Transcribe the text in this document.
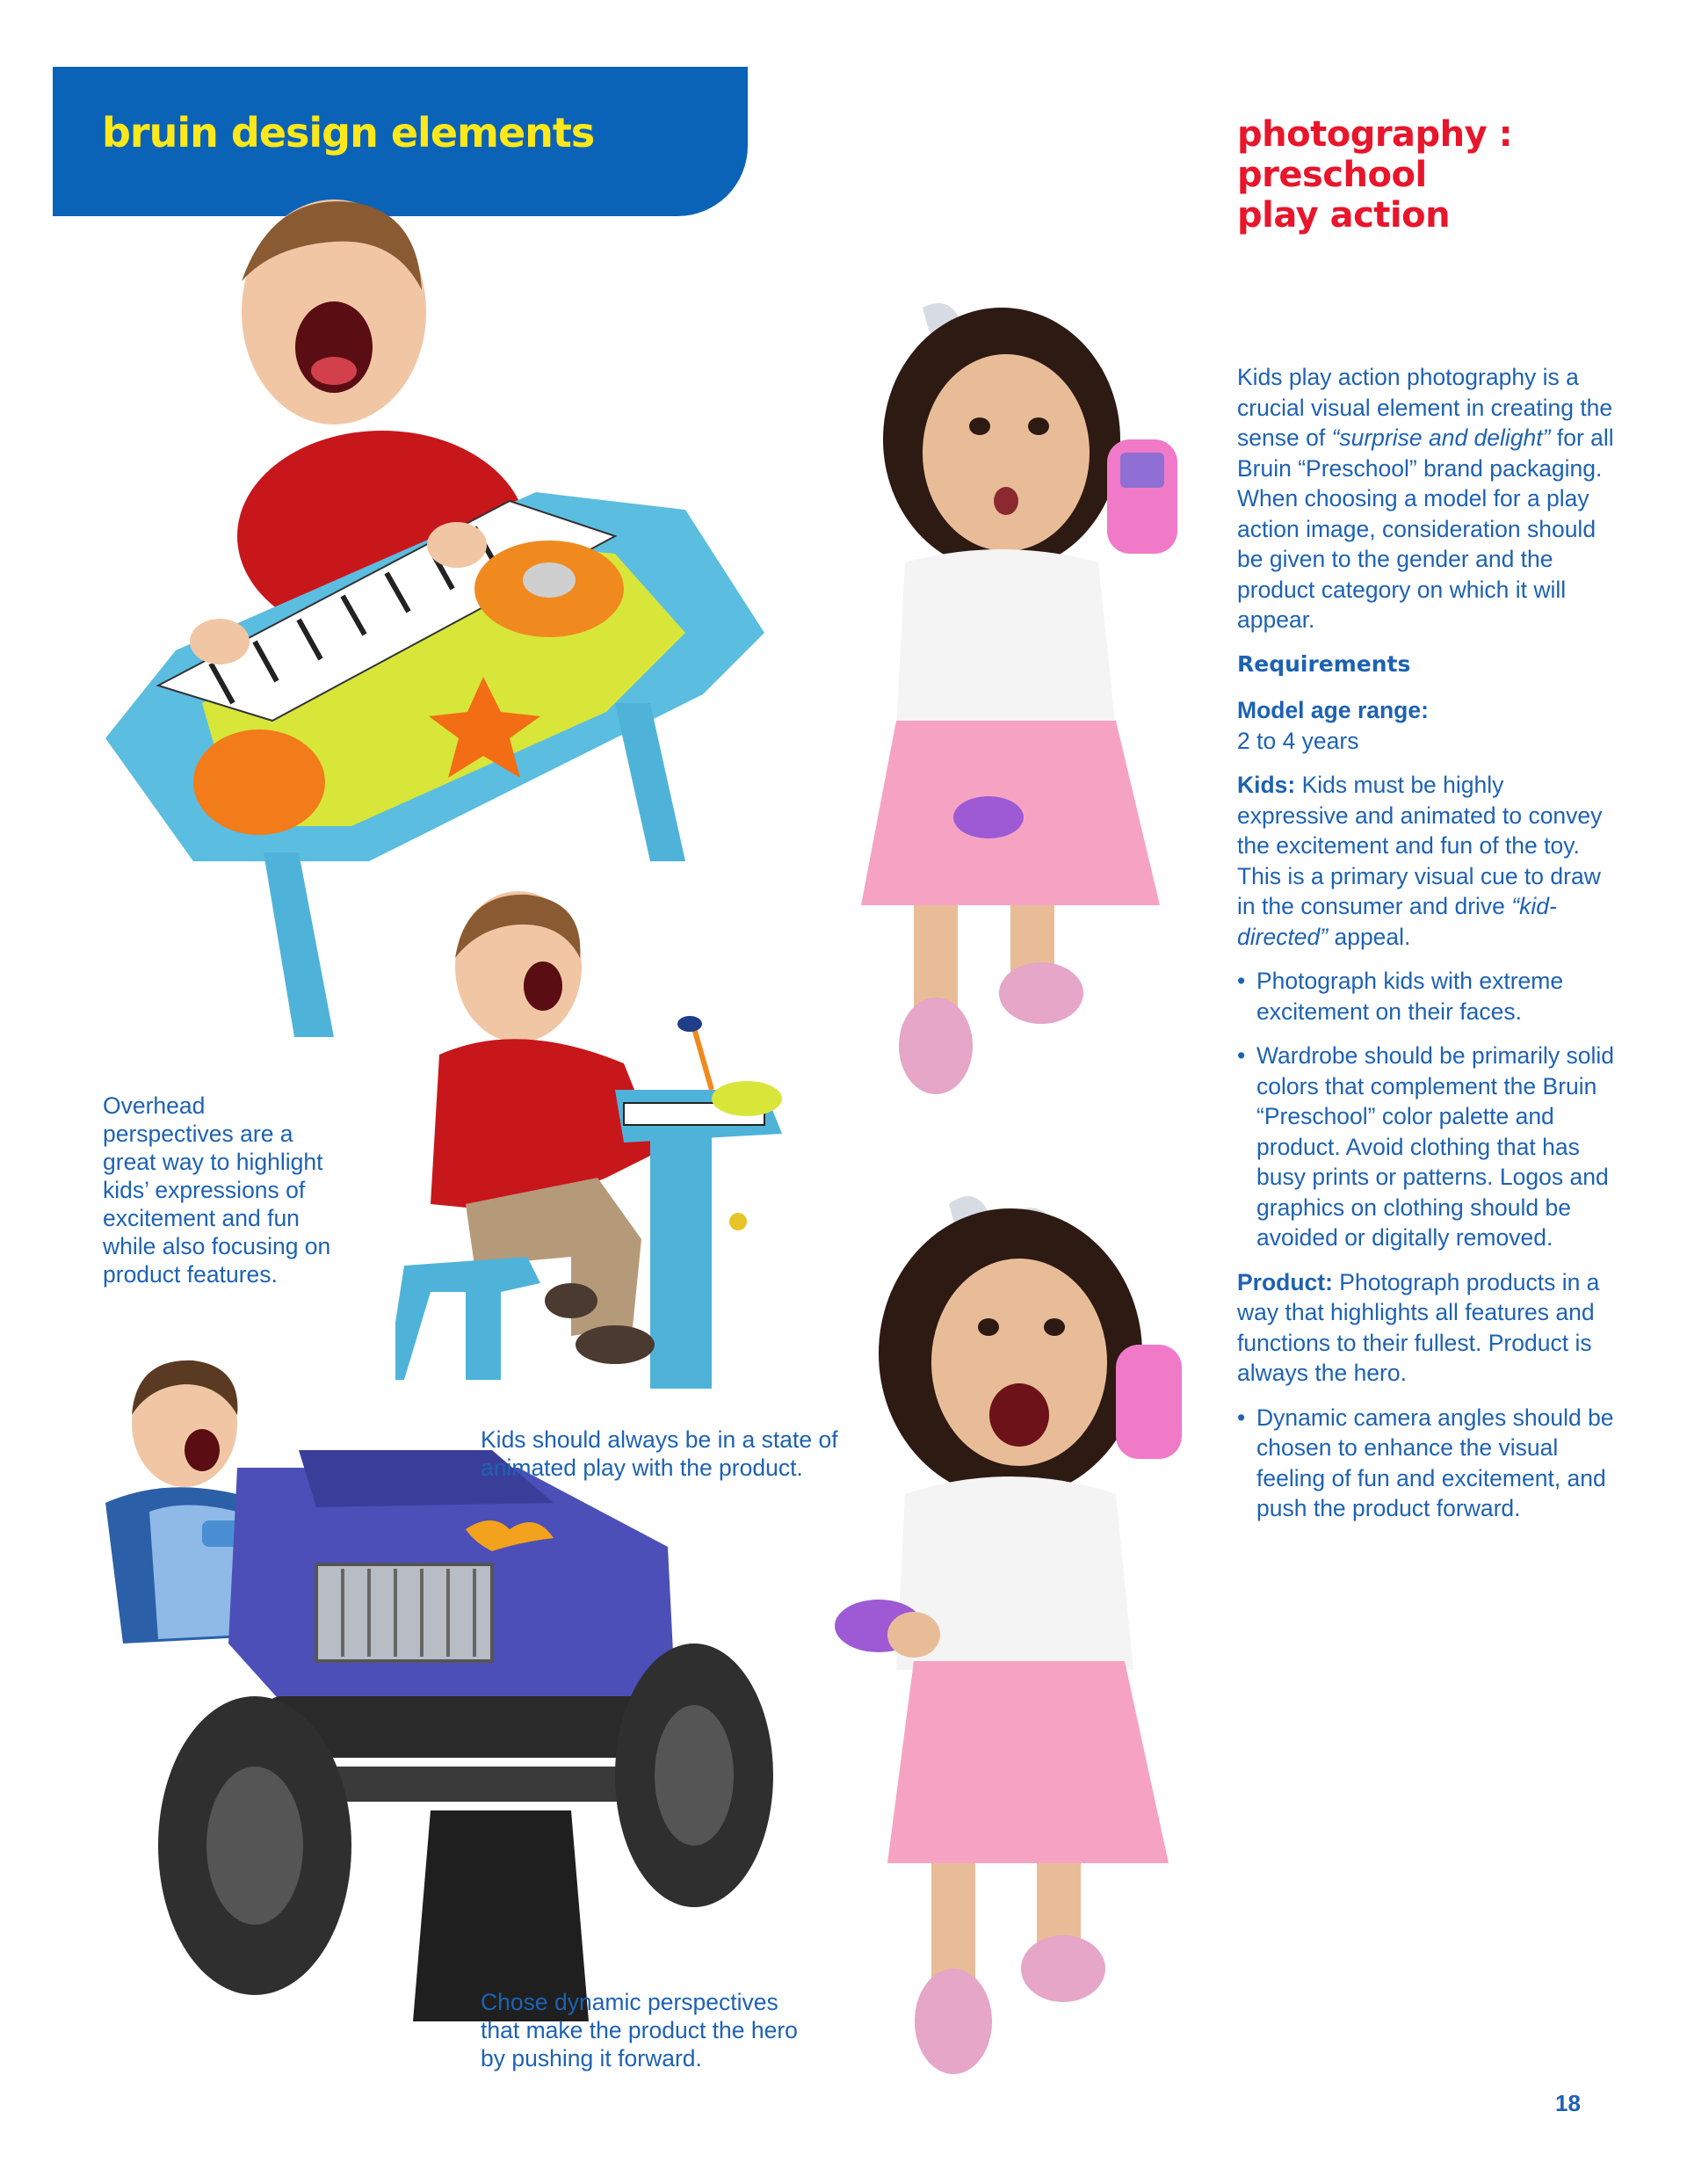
bruin design elements	photography :
preschool
play action

Kids play action photography is a crucial visual element in creating the sense of “surprise and delight” for all Bruin “Preschool” brand packaging. When choosing a model for a play action image, consideration should be given to the gender and the product category on which it will appear.

Requirements

Model age range:
2 to 4 years

Kids: Kids must be highly expressive and animated to convey the excitement and fun of the toy. This is a primary visual cue to draw in the consumer and drive “kid-directed” appeal.

• Photograph kids with extreme excitement on their faces.
• Wardrobe should be primarily solid colors that complement the Bruin “Preschool” color palette and product. Avoid clothing that has busy prints or patterns. Logos and graphics on clothing should be avoided or digitally removed.

Product: Photograph products in a way that highlights all features and functions to their fullest. Product is always the hero.

• Dynamic camera angles should be chosen to enhance the visual feeling of fun and excitement, and push the product forward.
Overhead perspectives are a great way to highlight kids’ expressions of excitement and fun while also focusing on product features.
Kids should always be in a state of animated play with the product.
Chose dynamic perspectives that make the product the hero by pushing it forward.
18
